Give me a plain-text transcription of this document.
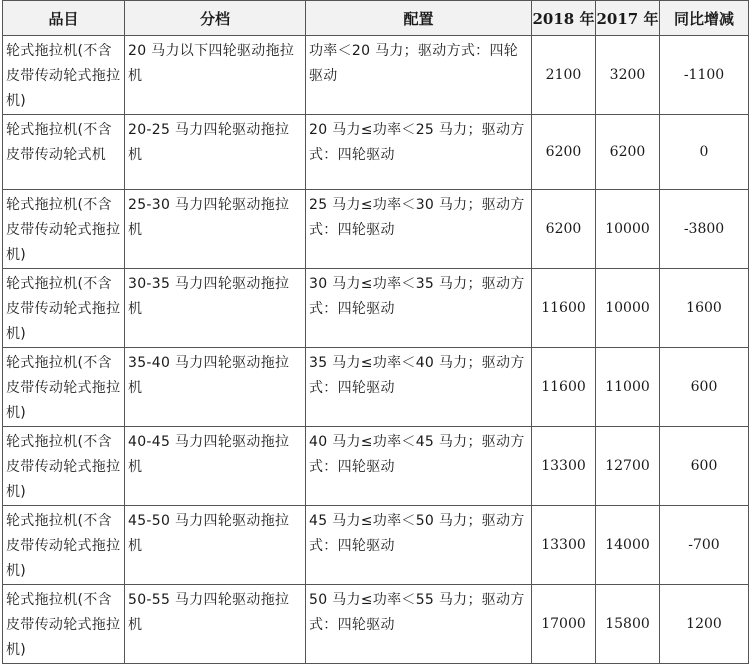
品目	分档	配置	2018 年	2017 年	同比增减
轮式拖拉机(不含皮带传动轮式拖拉机)	20 马力以下四轮驱动拖拉机	功率＜20 马力；驱动方式：四轮驱动	2100	3200	-1100
轮式拖拉机(不含皮带传动轮式机	20-25 马力四轮驱动拖拉机	20 马力≤功率＜25 马力；驱动方式：四轮驱动	6200	6200	0
轮式拖拉机(不含皮带传动轮式拖拉机)	25-30 马力四轮驱动拖拉机	25 马力≤功率＜30 马力；驱动方式：四轮驱动	6200	10000	-3800
轮式拖拉机(不含皮带传动轮式拖拉机)	30-35 马力四轮驱动拖拉机	30 马力≤功率＜35 马力；驱动方式：四轮驱动	11600	10000	1600
轮式拖拉机(不含皮带传动轮式拖拉机)	35-40 马力四轮驱动拖拉机	35 马力≤功率＜40 马力；驱动方式：四轮驱动	11600	11000	600
轮式拖拉机(不含皮带传动轮式拖拉机)	40-45 马力四轮驱动拖拉机	40 马力≤功率＜45 马力；驱动方式：四轮驱动	13300	12700	600
轮式拖拉机(不含皮带传动轮式拖拉机)	45-50 马力四轮驱动拖拉机	45 马力≤功率＜50 马力；驱动方式：四轮驱动	13300	14000	-700
轮式拖拉机(不含皮带传动轮式拖拉机)	50-55 马力四轮驱动拖拉机	50 马力≤功率＜55 马力；驱动方式：四轮驱动	17000	15800	1200
